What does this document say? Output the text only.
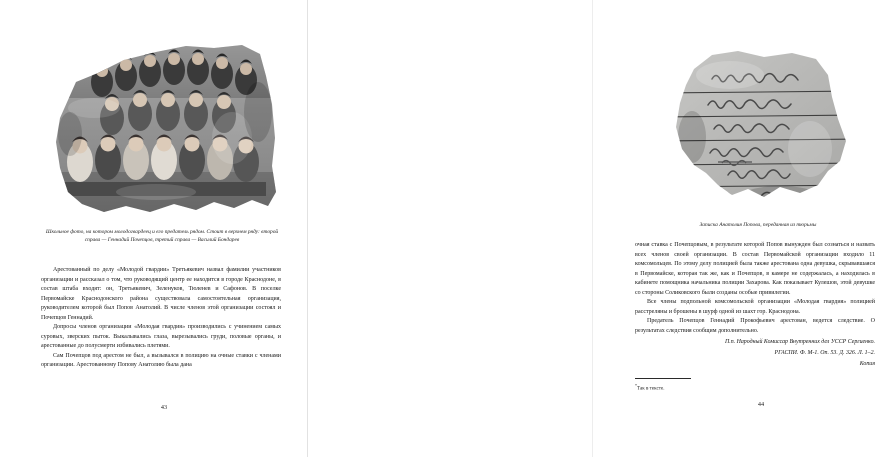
Школьное фото, на котором молодогвардеец и его предатель рядом. Стоит в верхнем ряду: второй справа — Геннадий Почепцов, третий справа — Василий Бондарев

Арестованный по делу «Молодой гвардии» Третьякевич назвал фамилии участников организации и рассказал о том, что руководящий центр ее находится в городе Краснодоне, в состав штаба входят: он, Третьякевич, Зеленуков, Тюленев и Сафонов. В поселке Первомайске Краснодонского района существовала самостоятельная организация, руководителем которой был Попов Анатолий. В числе членов этой организации состоял и Почепцов Геннадий.

Допросы членов организации «Молодая гвардия» производились с учинением самых суровых, зверских пыток. Выкалывались глаза, вырезывались груди, половые органы, и арестованные до полусмерти избивались плетями.

Сам Почепцов под арестом не был, а вызывался в полицию на очные ставки с членами организации. Арестованному Попову Анатолию была дана

43
Записка Анатолия Попова, переданная из тюрьмы

очная ставка с Почепцовым, в результате которой Попов вынужден был сознаться и назвать всех членов своей организации. В состав Первомайской организации входило 11 комсомольцев. По этому делу полицией была также арестована одна девушка, скрывавшаяся в Первомайске, которая так же, как и Почепцов, в камере не содержалась, а находилась в кабинете помощника начальника полиции Захарова. Как показывает Кулешов, этой девушке со стороны Соликовского были созданы особые привилегии.

Все члены подпольной комсомольской организации «Молодая гвардия» полицией расстреляны и брошены в шурф одной из шахт гор. Краснодона.

Предатель Почепцов Геннадий Прокофьевич арестован, ведется следствие. О результатах следствия сообщим дополнительно.

П.п. Народный Комиссар Внутренних дел УССР Сергиенко.
РГАСПИ. Ф. М-1. Оп. 53. Д. 326. Л. 1–2.
Копия
*Так в тексте.
44
